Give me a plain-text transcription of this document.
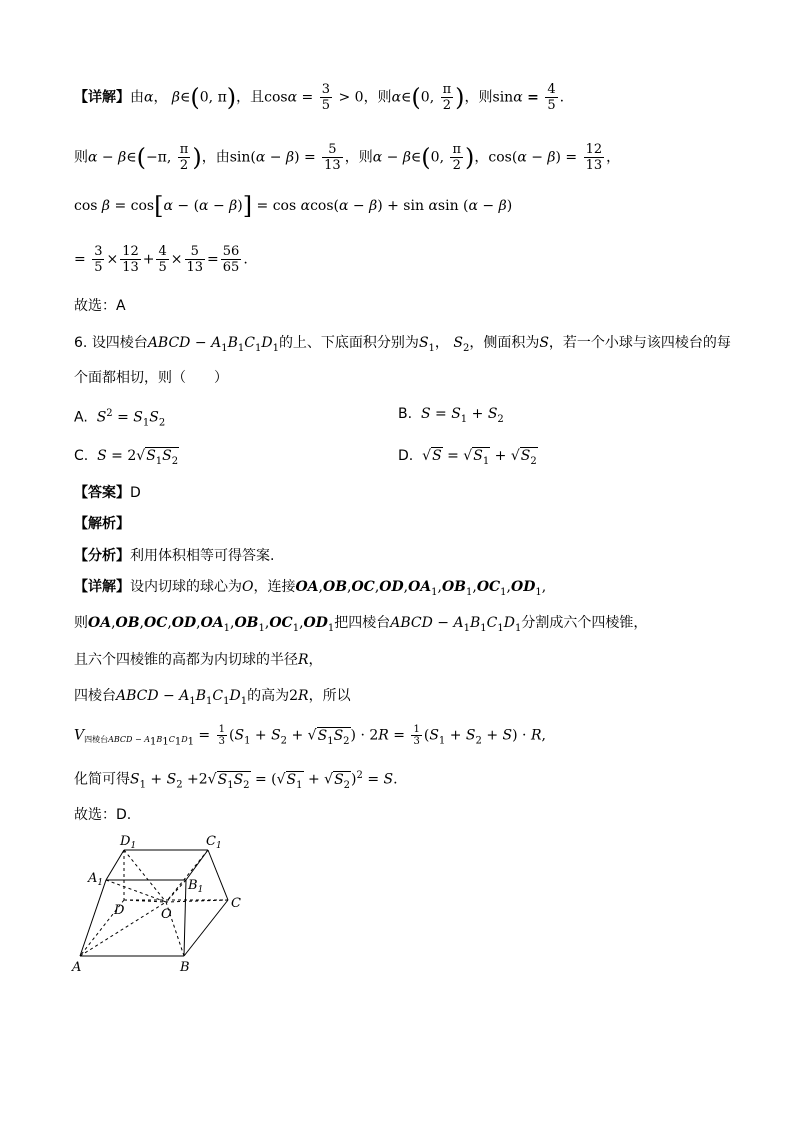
【详解】由α， β∈(0, π)，且$\cos\alpha = \frac{3}{5} > 0$，则α∈(0, $\frac{\pi}{2}$ )，则$\sin\alpha = \frac{4}{5}$ .
则α − β∈(−π, $\frac{\pi}{2}$ )，由$\sin(\alpha - \beta) = \frac{5}{13}$ ，则α − β∈(0, $\frac{\pi}{2}$ )，$\cos(\alpha - \beta) = \frac{12}{13}$ ，
cos β = cos[α − (α − β)] = cos αcos(α − β) + sin αsin (α − β)
= $\frac{3}{5} \times \frac{12}{13} + \frac{4}{5} \times \frac{5}{13} = \frac{56}{65}$ .
故选：A
6. 设四棱台ABCD − $A_1B_1C_1D_1$的上、下底面积分别为$S_1$， $S_2$，侧面积为S，若一个小球与该四棱台的每
个面都相切，则（　　）
A. $S^2 = S_1S_2$
B. $S = S_1 + S_2$
C. $S = 2√S_1S_2$	D.  $√S = √S_1 + √S_2$
【答案】D
【解析】
【分析】利用体积相等可得答案.
【详解】设内切球的球心为O，连接$OA,OB,OC,OD,OA_1,OB_1,OC_1,OD_1$,
则$OA,OB,OC,OD,OA_1,OB_1,OC_1,OD_1$把四棱台ABCD − $A_1B_1C_1D_1$分割成六个四棱锥，
且六个四棱锥的高都为内切球的半径R，
四棱台ABCD − $A_1B_1C_1D_1$的高为2R，所以
V四棱台ABCD − $A_1B_1C_1D_1 = \frac{1}{3} (S_1 + S_2 + √S_1S_2) \cdot 2R = \frac{1}{3} (S_1 + S_2 + S) \cdot R$,
化简可得$S_1 + S_2 +2√S_1S_2 = (√S_1 + √S_2)^2 = S$.
故选：D.
$D_1$	$C_1$
$A_1$	$B_1$
D	O
C
A	B
